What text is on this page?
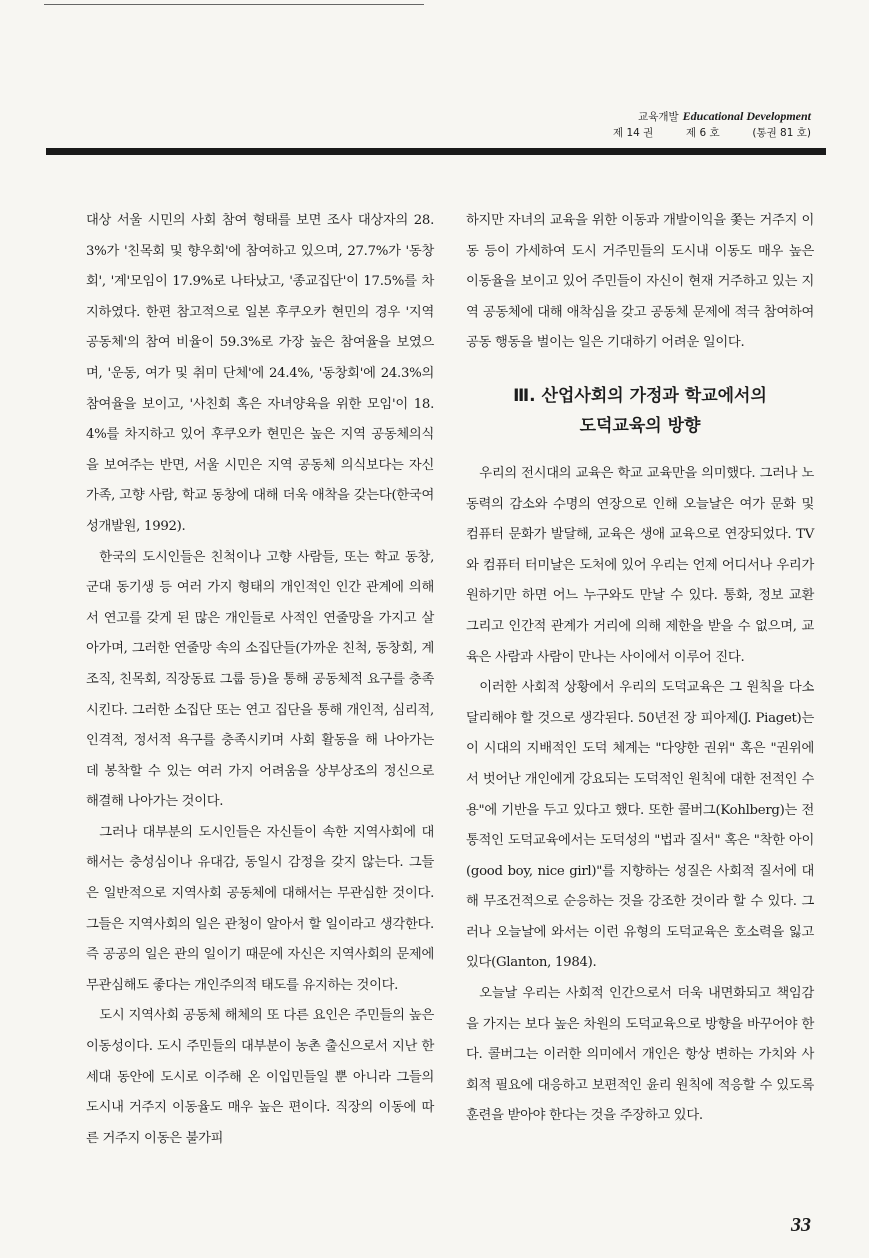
교육개발 Educational Development
제 14 권	제 6 호	(통권 81 호)

대상 서울 시민의 사회 참여 형태를 보면 조사 대상자의 28.3%가 '친목회 및 향우회'에 참여하고 있으며, 27.7%가 '동창회', '계'모임이 17.9%로 나타났고, '종교집단'이 17.5%를 차지하였다. 한편 참고적으로 일본 후쿠오카 현민의 경우 '지역 공동체'의 참여 비율이 59.3%로 가장 높은 참여율을 보였으며, '운동, 여가 및 취미 단체'에 24.4%, '동창회'에 24.3%의 참여율을 보이고, '사친회 혹은 자녀양육을 위한 모임'이 18.4%를 차지하고 있어 후쿠오카 현민은 높은 지역 공동체의식을 보여주는 반면, 서울 시민은 지역 공동체 의식보다는 자신 가족, 고향 사람, 학교 동창에 대해 더욱 애착을 갖는다(한국여성개발원, 1992).

한국의 도시인들은 친척이나 고향 사람들, 또는 학교 동창, 군대 동기생 등 여러 가지 형태의 개인적인 인간 관계에 의해서 연고를 갖게 된 많은 개인들로 사적인 연줄망을 가지고 살아가며, 그러한 연줄망 속의 소집단들(가까운 친척, 동창회, 계조직, 친목회, 직장동료 그룹 등)을 통해 공동체적 요구를 충족시킨다. 그러한 소집단 또는 연고 집단을 통해 개인적, 심리적, 인격적, 정서적 욕구를 충족시키며 사회 활동을 해 나아가는 데 봉착할 수 있는 여러 가지 어려움을 상부상조의 정신으로 해결해 나아가는 것이다.

그러나 대부분의 도시인들은 자신들이 속한 지역사회에 대해서는 충성심이나 유대감, 동일시 감정을 갖지 않는다. 그들은 일반적으로 지역사회 공동체에 대해서는 무관심한 것이다. 그들은 지역사회의 일은 관청이 알아서 할 일이라고 생각한다. 즉 공공의 일은 관의 일이기 때문에 자신은 지역사회의 문제에 무관심해도 좋다는 개인주의적 태도를 유지하는 것이다.

도시 지역사회 공동체 해체의 또 다른 요인은 주민들의 높은 이동성이다. 도시 주민들의 대부분이 농촌 출신으로서 지난 한 세대 동안에 도시로 이주해 온 이입민들일 뿐 아니라 그들의 도시내 거주지 이동율도 매우 높은 편이다. 직장의 이동에 따른 거주지 이동은 불가피

하지만 자녀의 교육을 위한 이동과 개발이익을 쫓는 거주지 이동 등이 가세하여 도시 거주민들의 도시내 이동도 매우 높은 이동율을 보이고 있어 주민들이 자신이 현재 거주하고 있는 지역 공동체에 대해 애착심을 갖고 공동체 문제에 적극 참여하여 공동 행동을 벌이는 일은 기대하기 어려운 일이다.

Ⅲ. 산업사회의 가정과 학교에서의
도덕교육의 방향

우리의 전시대의 교육은 학교 교육만을 의미했다. 그러나 노동력의 감소와 수명의 연장으로 인해 오늘날은 여가 문화 및 컴퓨터 문화가 발달해, 교육은 생애 교육으로 연장되었다. TV와 컴퓨터 터미날은 도처에 있어 우리는 언제 어디서나 우리가 원하기만 하면 어느 누구와도 만날 수 있다. 통화, 정보 교환 그리고 인간적 관계가 거리에 의해 제한을 받을 수 없으며, 교육은 사람과 사람이 만나는 사이에서 이루어 진다.

이러한 사회적 상황에서 우리의 도덕교육은 그 원칙을 다소 달리해야 할 것으로 생각된다. 50년전 장 피아제(J. Piaget)는 이 시대의 지배적인 도덕 체계는 "다양한 권위" 혹은 "권위에서 벗어난 개인에게 강요되는 도덕적인 원칙에 대한 전적인 수용"에 기반을 두고 있다고 했다. 또한 콜버그(Kohlberg)는 전통적인 도덕교육에서는 도덕성의 "법과 질서" 혹은 "착한 아이(good boy, nice girl)"를 지향하는 성질은 사회적 질서에 대해 무조건적으로 순응하는 것을 강조한 것이라 할 수 있다. 그러나 오늘날에 와서는 이런 유형의 도덕교육은 호소력을 잃고 있다(Glanton, 1984).

오늘날 우리는 사회적 인간으로서 더욱 내면화되고 책임감을 가지는 보다 높은 차원의 도덕교육으로 방향을 바꾸어야 한다. 콜버그는 이러한 의미에서 개인은 항상 변하는 가치와 사회적 필요에 대응하고 보편적인 윤리 원칙에 적응할 수 있도록 훈련을 받아야 한다는 것을 주장하고 있다.

33
